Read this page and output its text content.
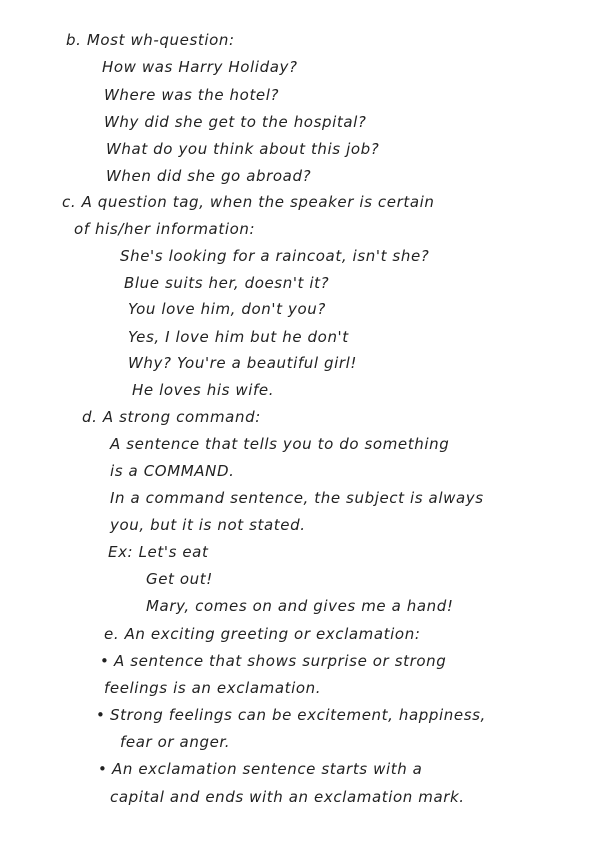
b. Most wh-question:
How was Harry Holiday?
Where was the hotel?
Why did she get to the hospital?
What do you think about this job?
When did she go abroad?
c. A question tag, when the speaker is certain
of his/her information:
She's looking for a raincoat, isn't she?
Blue suits her, doesn't it?
You love him, don't you?
Yes, I love him but he don't
Why? You're a beautiful girl!
He loves his wife.
d. A strong command:
A sentence that tells you to do something
is a COMMAND.
In a command sentence, the subject is always
you, but it is not stated.
Ex: Let's eat
Get out!
Mary, comes on and gives me a hand!
e. An exciting greeting or exclamation:
• A sentence that shows surprise or strong
feelings is an exclamation.
• Strong feelings can be excitement, happiness,
fear or anger.
• An exclamation sentence starts with a
capital and ends with an exclamation mark.
